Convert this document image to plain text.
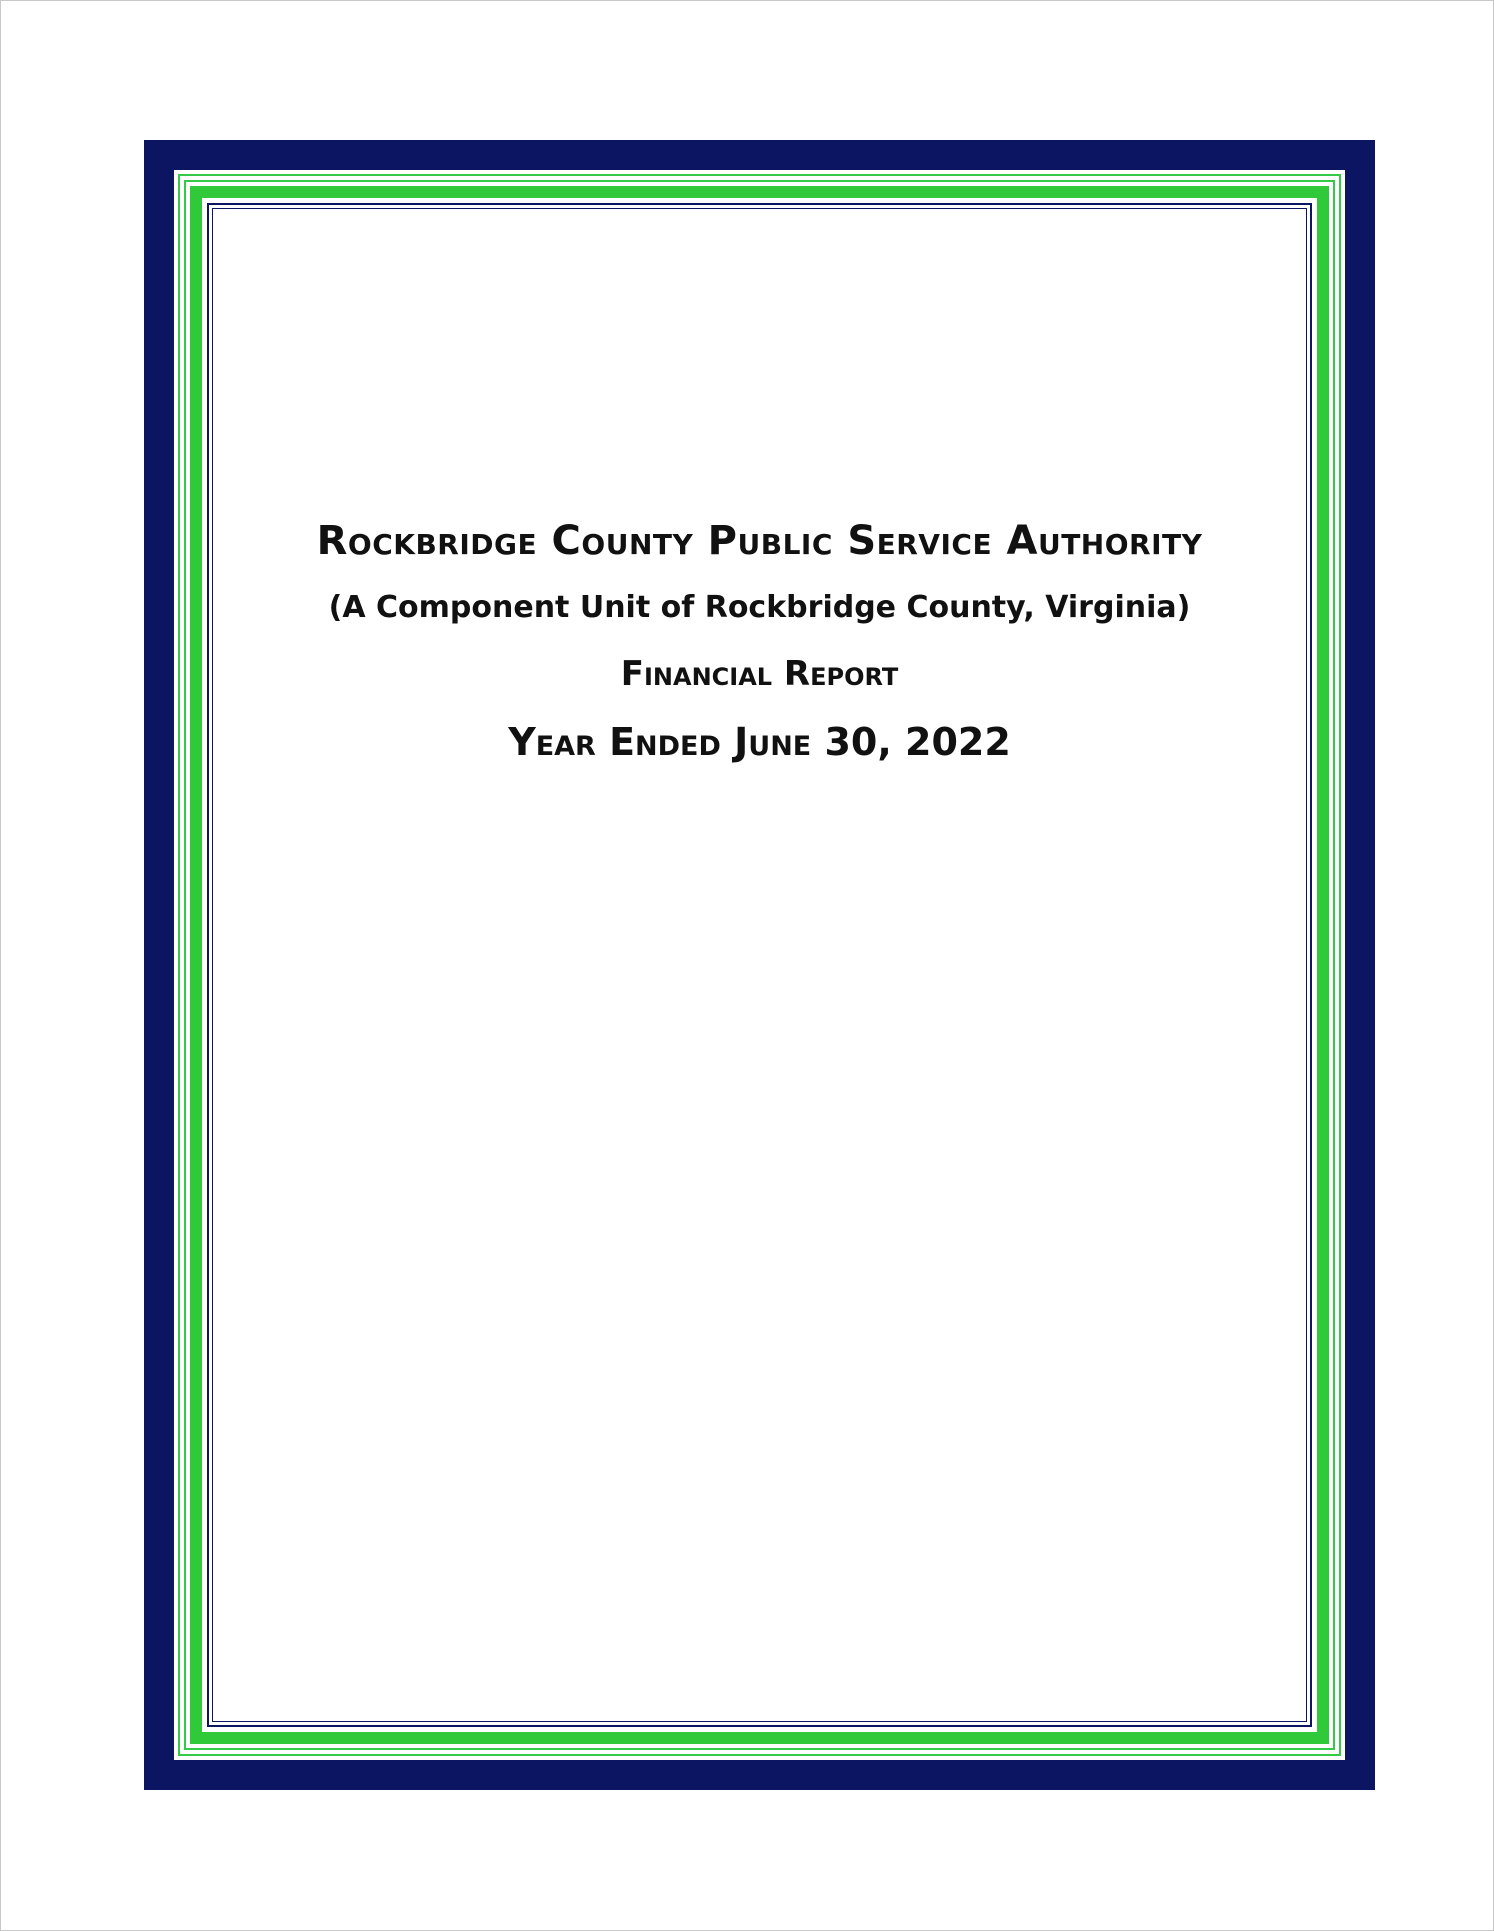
Rockbridge County Public Service Authority

(A Component Unit of Rockbridge County, Virginia)

Financial Report

Year Ended June 30, 2022
